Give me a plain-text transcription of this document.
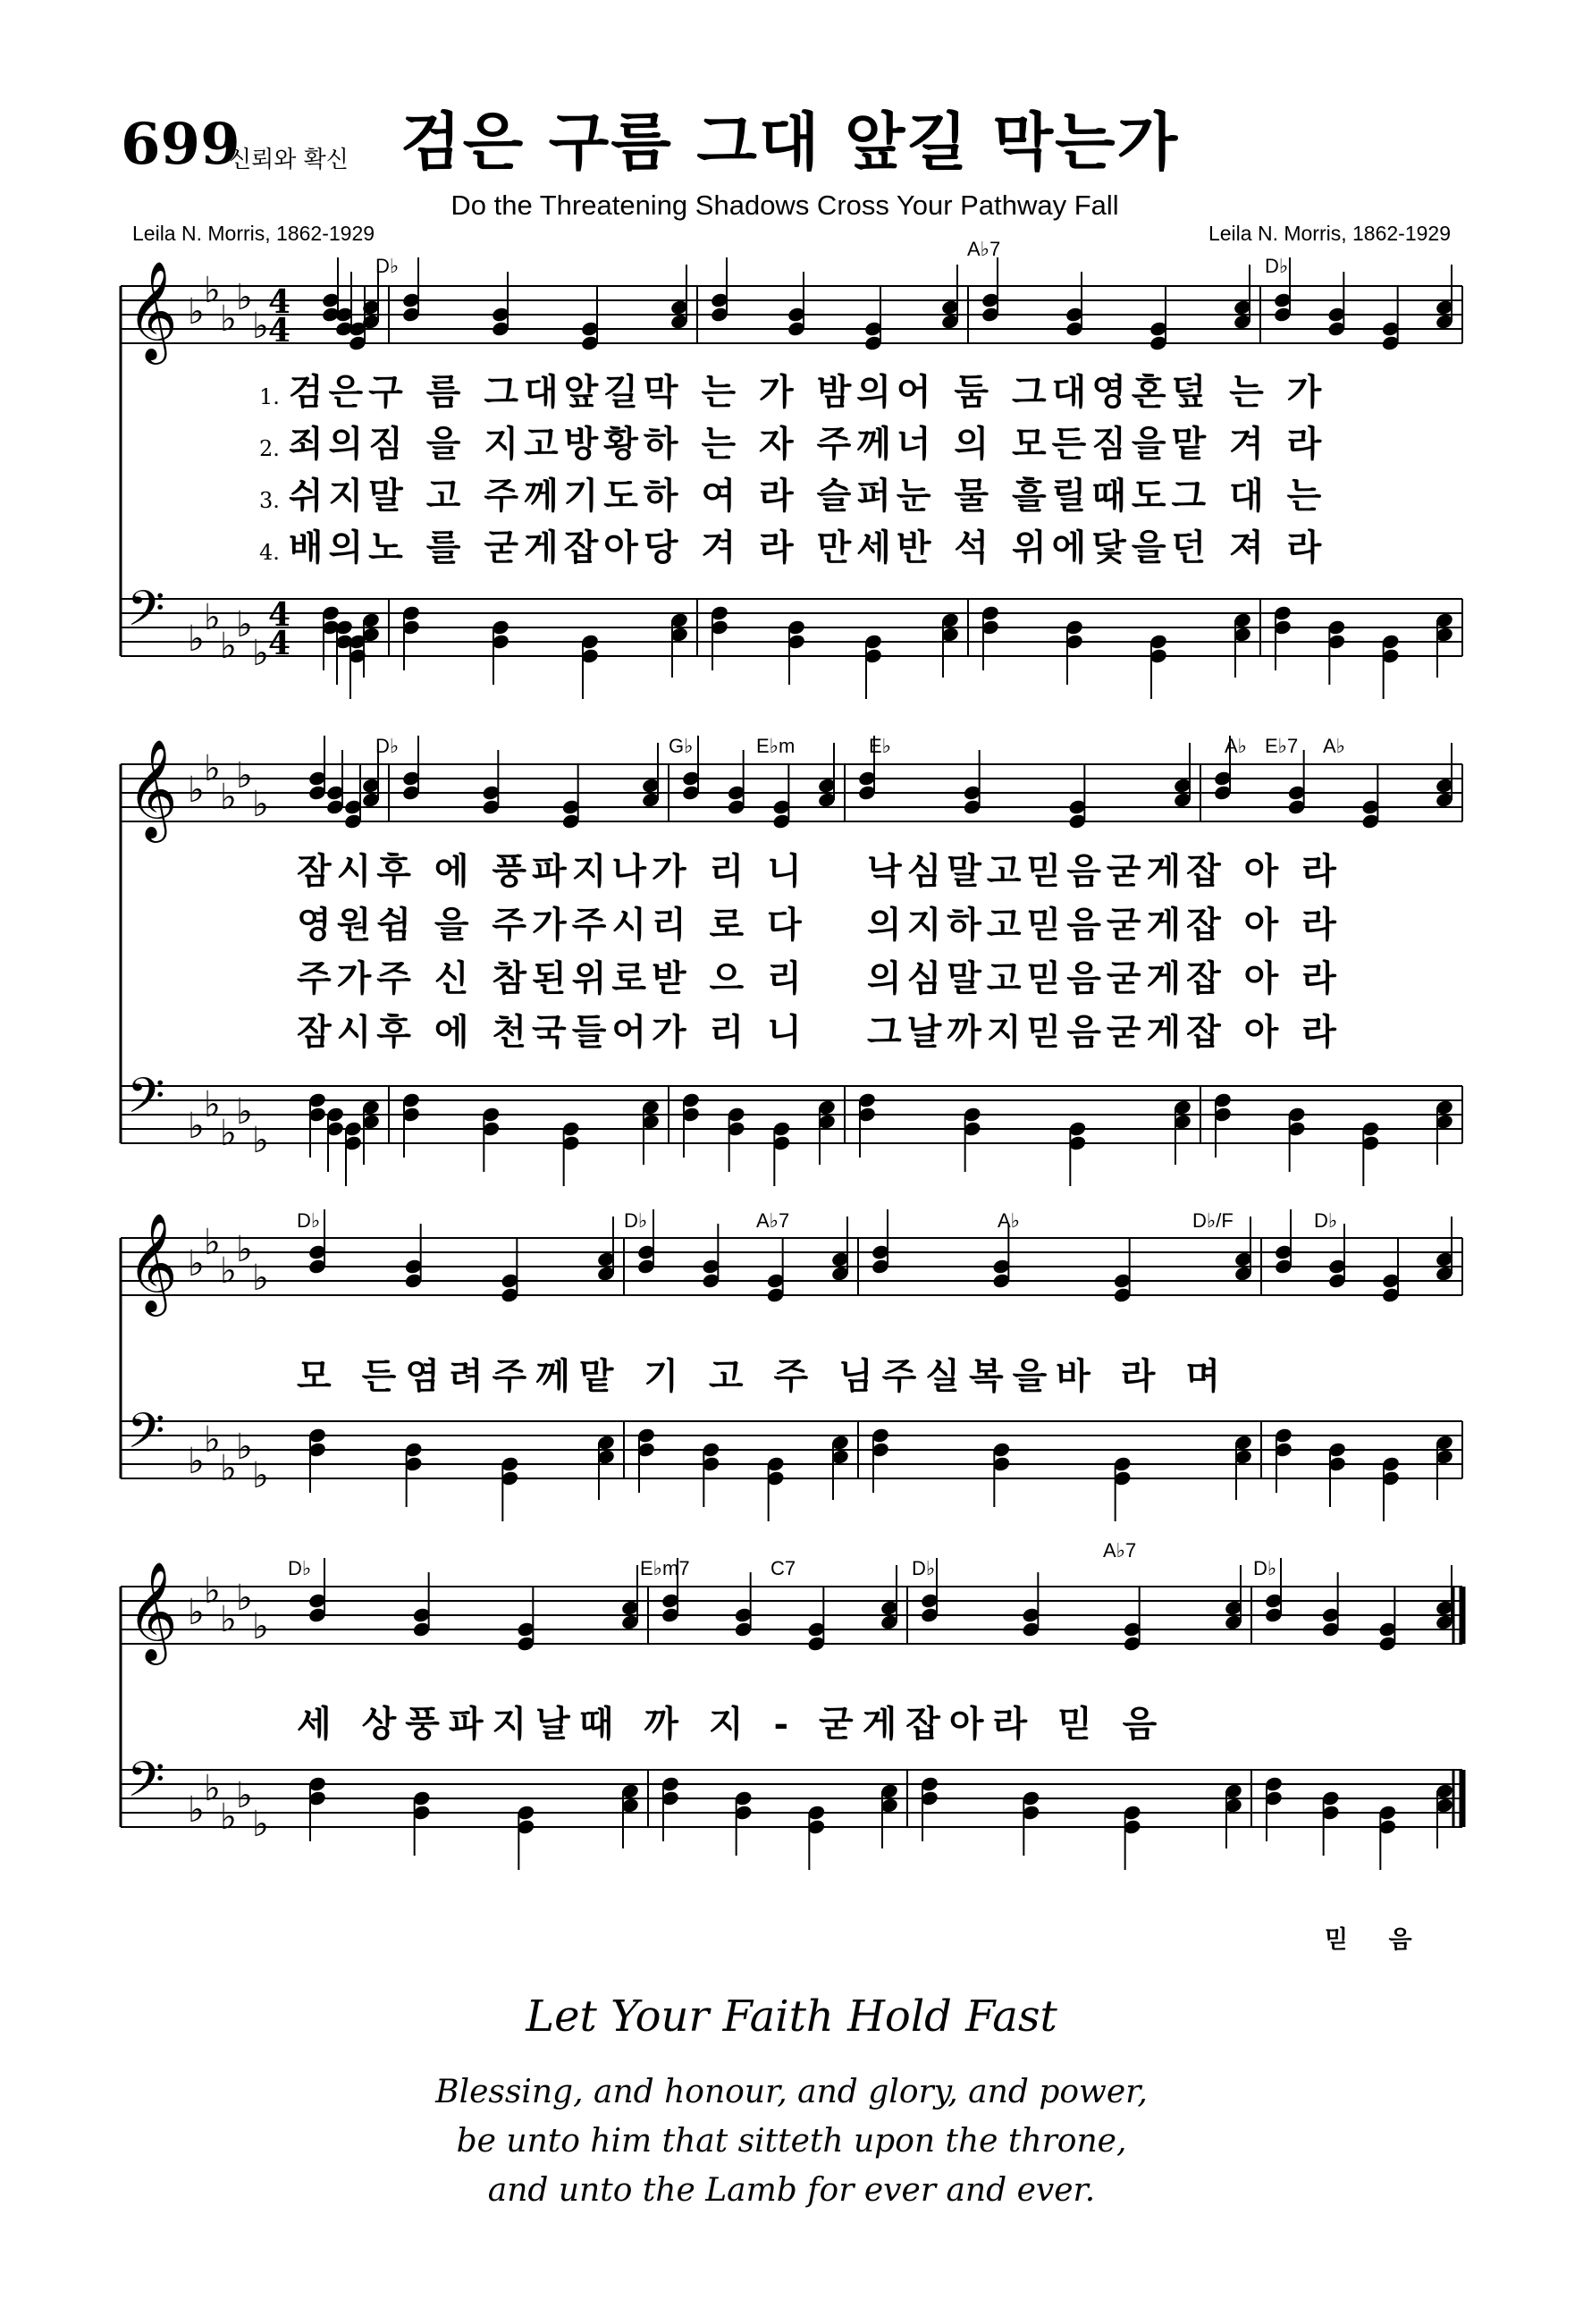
699
신뢰와 확신 검은 구름 그대 앞길 막는가
Do the Threatening Shadows Cross Your Pathway Fall
Leila N. Morris, 1862-1929	Leila N. Morris, 1862-1929
𝄞
𝄢
♭
♭
♭
♭
♭
♭
♭
♭
♭
♭
4
4
4
4
𝄞
𝄢
♭
♭
♭
♭
♭
♭
♭
♭
♭
♭
𝄞
𝄢
♭
♭
♭
♭
♭
♭
♭
♭
♭
♭
𝄞
𝄢
♭
♭
♭
♭
♭
♭
♭
♭
♭
♭
D♭
A♭7
D♭
D♭	G♭	E♭m	E♭	A♭ E♭7 A♭
D♭	D♭	A♭7	A♭	D♭/F	D♭
D♭	E♭m7	C7	D♭
A♭7
D♭
1. 검은구 름 그대앞길막 는 가 밤의어 둠 그대영혼덮 는 가
2. 죄의짐 을 지고방황하 는 자 주께너 의 모든짐을맡 겨 라
3. 쉬지말 고 주께기도하 여 라 슬퍼눈 물 흘릴때도그 대 는
4. 배의노 를 굳게잡아당 겨 라 만세반 석 위에닻을던 져 라
잠시후 에 풍파지나가 리 니 낙심말고믿음굳게잡 아 라
영원쉼 을 주가주시리 로 다 의지하고믿음굳게잡 아 라
주가주 신 참된위로받 으 리 의심말고믿음굳게잡 아 라
잠시후 에 천국들어가 리 니 그날까지믿음굳게잡 아 라
모 든염려주께맡 기 고 주 님주실복을바 라 며
세 상풍파지날때 까 지 - 굳게잡아라 믿 음
믿 음
Let Your Faith Hold Fast
Blessing, and honour, and glory, and power,
be unto him that sitteth upon the throne,
and unto the Lamb for ever and ever.
